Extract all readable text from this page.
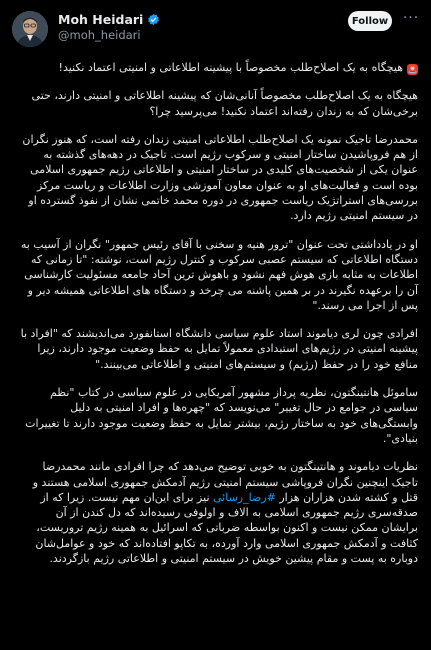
Moh Heidari
@moh_heidari
Follow ···

🚨هیچگاه به یک اصلاح‌طلب مخصوصاً با پیشینه اطلاعاتی و امنیتی اعتماد نکنید!

هیچگاه به یک اصلاح‌طلب مخصوصاً آنانی‌شان که پیشینه اطلاعاتی و امنیتی دارند، حتی برخی‌شان که به زندان رفته‌اند اعتماد نکنید! می‌پرسید چرا؟

محمدرضا تاجیک نمونه یک اصلاح‌طلب اطلاعاتی امنیتی زندان رفته است، که هنوز نگران از هم فروپاشیدن ساختار امنیتی و سرکوب رژیم است. تاجیک در دهه‌های گذشته به عنوان یکی از شخصیت‌های کلیدی در ساختار امنیتی و اطلاعاتی رژیم جمهوری اسلامی بوده است و فعالیت‌های او به عنوان معاون آموزشی وزارت اطلاعات و ریاست مرکز بررسی‌های استراتژیک ریاست جمهوری در دوره محمد خاتمی نشان از نفوذ گسترده او در سیستم امنیتی رژیم دارد.

او در یادداشتی تحت عنوان "ترور هنیه و سخنی با آقای رئیس جمهور" نگران از آسیب به دستگاه اطلاعاتی که سیستم عصبی سرکوب و کنترل رژیم است، نوشته: "تا زمانی که اطلاعات به مثابه بازی هوش فهم نشود و باهوش ترین آحاد جامعه مسئولیت کارشناسی آن را برعهده نگیرند در بر همین پاشنه می چرخد و دستگاه های اطلاعاتی همیشه دیر و پس از اجرا می رسند."

افرادی چون لری دیاموند استاد علوم سیاسی دانشگاه استانفورد می‌اندیشند که "افراد با پیشینه امنیتی در رژیم‌های استبدادی معمولاً تمایل به حفظ وضعیت موجود دارند، زیرا منافع خود را در حفظ (رژیم) و سیستم‌های امنیتی و اطلاعاتی می‌بینند."

ساموئل هانتینگتون، نظریه پرداز مشهور آمریکایی در علوم سیاسی در کتاب "نظم سیاسی در جوامع در حال تغییر" می‌نویسد که "چهره‌ها و افراد امنیتی به دلیل وابستگی‌های خود به ساختار رژیم، بیشتر تمایل به حفظ وضعیت موجود دارند تا تغییرات بنیادی".

نظریات دیاموند و هانتینگتون به خوبی توضیح می‌دهد که چرا افرادی مانند محمدرضا تاجیک اینچنین نگران فروپاشی سیستم امنیتی رژیم آدمکش جمهوری اسلامی هستند و قتل و کشته شدن هزاران هزار #رضا_رسائی نیز برای این‌ان مهم نیست. زیرا که از صدقه‌سری رژیم جمهوری اسلامی به الاف و اولوفی رسیده‌اند که دل کندن از آن برایشان ممکن نیست و اکنون بواسطه ضرباتی که اسرائیل به همینه رژیم تروریست، کثافت و آدمکش جمهوری اسلامی وارد آورده، به تکاپو افتاده‌اند که خود و عوامل‌شان دوباره به پست و مقام پیشین خویش در سیستم امنیتی و اطلاعاتی رژیم بازگردند.
